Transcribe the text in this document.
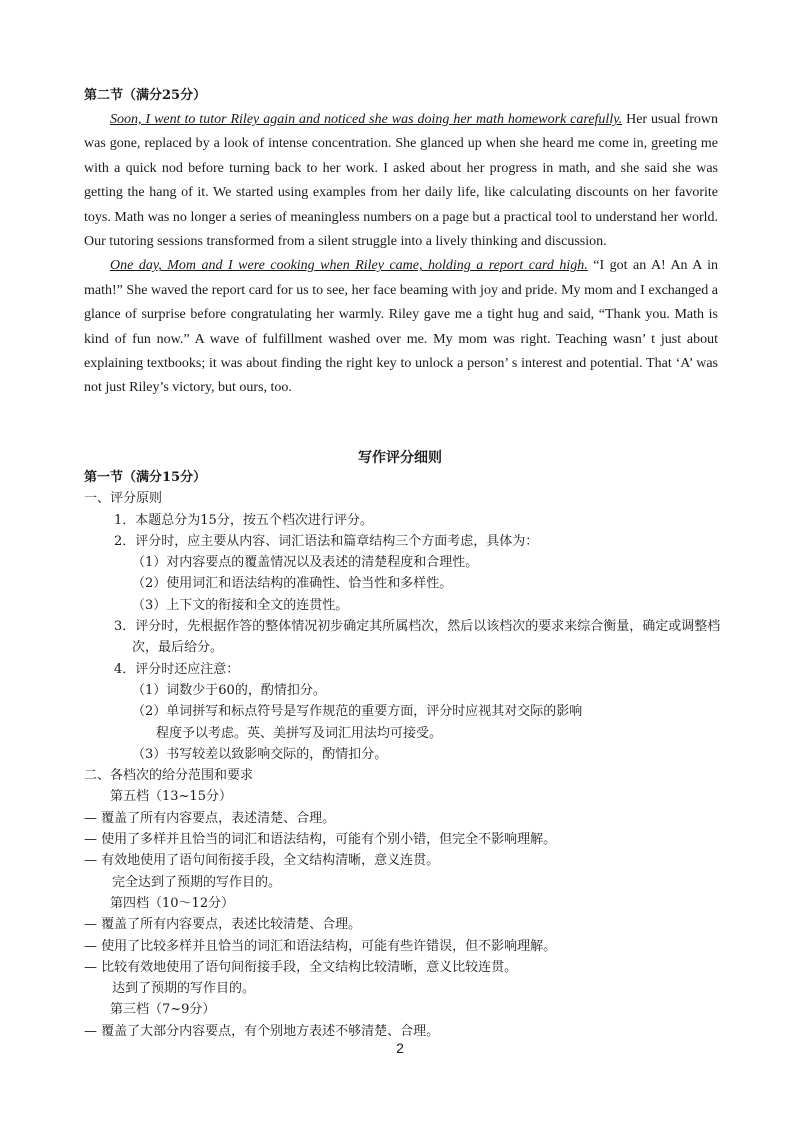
第二节（满分25分）

Soon, I went to tutor Riley again and noticed she was doing her math homework carefully. Her usual frown was gone, replaced by a look of intense concentration. She glanced up when she heard me come in, greeting me with a quick nod before turning back to her work. I asked about her progress in math, and she said she was getting the hang of it. We started using examples from her daily life, like calculating discounts on her favorite toys. Math was no longer a series of meaningless numbers on a page but a practical tool to understand her world. Our tutoring sessions transformed from a silent struggle into a lively thinking and discussion.

One day, Mom and I were cooking when Riley came, holding a report card high. “I got an A! An A in math!” She waved the report card for us to see, her face beaming with joy and pride. My mom and I exchanged a glance of surprise before congratulating her warmly. Riley gave me a tight hug and said, “Thank you. Math is kind of fun now.” A wave of fulfillment washed over me. My mom was right. Teaching wasn’ t just about explaining textbooks; it was about finding the right key to unlock a person’ s interest and potential. That ‘A’ was not just Riley’s victory, but ours, too.

写作评分细则
第一节（满分15分）
一、评分原则
1．本题总分为15分，按五个档次进行评分。
2．评分时，应主要从内容、词汇语法和篇章结构三个方面考虑，具体为：
（1）对内容要点的覆盖情况以及表述的清楚程度和合理性。
（2）使用词汇和语法结构的准确性、恰当性和多样性。
（3）上下文的衔接和全文的连贯性。
3．评分时，先根据作答的整体情况初步确定其所属档次，然后以该档次的要求来综合衡量，确定或调整档次，最后给分。
4．评分时还应注意：
（1）词数少于60的，酌情扣分。
（2）单词拼写和标点符号是写作规范的重要方面，评分时应视其对交际的影响
程度予以考虑。英、美拼写及词汇用法均可接受。
（3）书写较差以致影响交际的，酌情扣分。
二、各档次的给分范围和要求
第五档（13~15分）
— 覆盖了所有内容要点，表述清楚、合理。
— 使用了多样并且恰当的词汇和语法结构，可能有个别小错，但完全不影响理解。
— 有效地使用了语句间衔接手段，全文结构清晰，意义连贯。
完全达到了预期的写作目的。
第四档（10～12分）
— 覆盖了所有内容要点，表述比较清楚、合理。
— 使用了比较多样并且恰当的词汇和语法结构，可能有些许错误，但不影响理解。
— 比较有效地使用了语句间衔接手段，全文结构比较清晰，意义比较连贯。
达到了预期的写作目的。
第三档（7~9分）
— 覆盖了大部分内容要点，有个别地方表述不够清楚、合理。
2
